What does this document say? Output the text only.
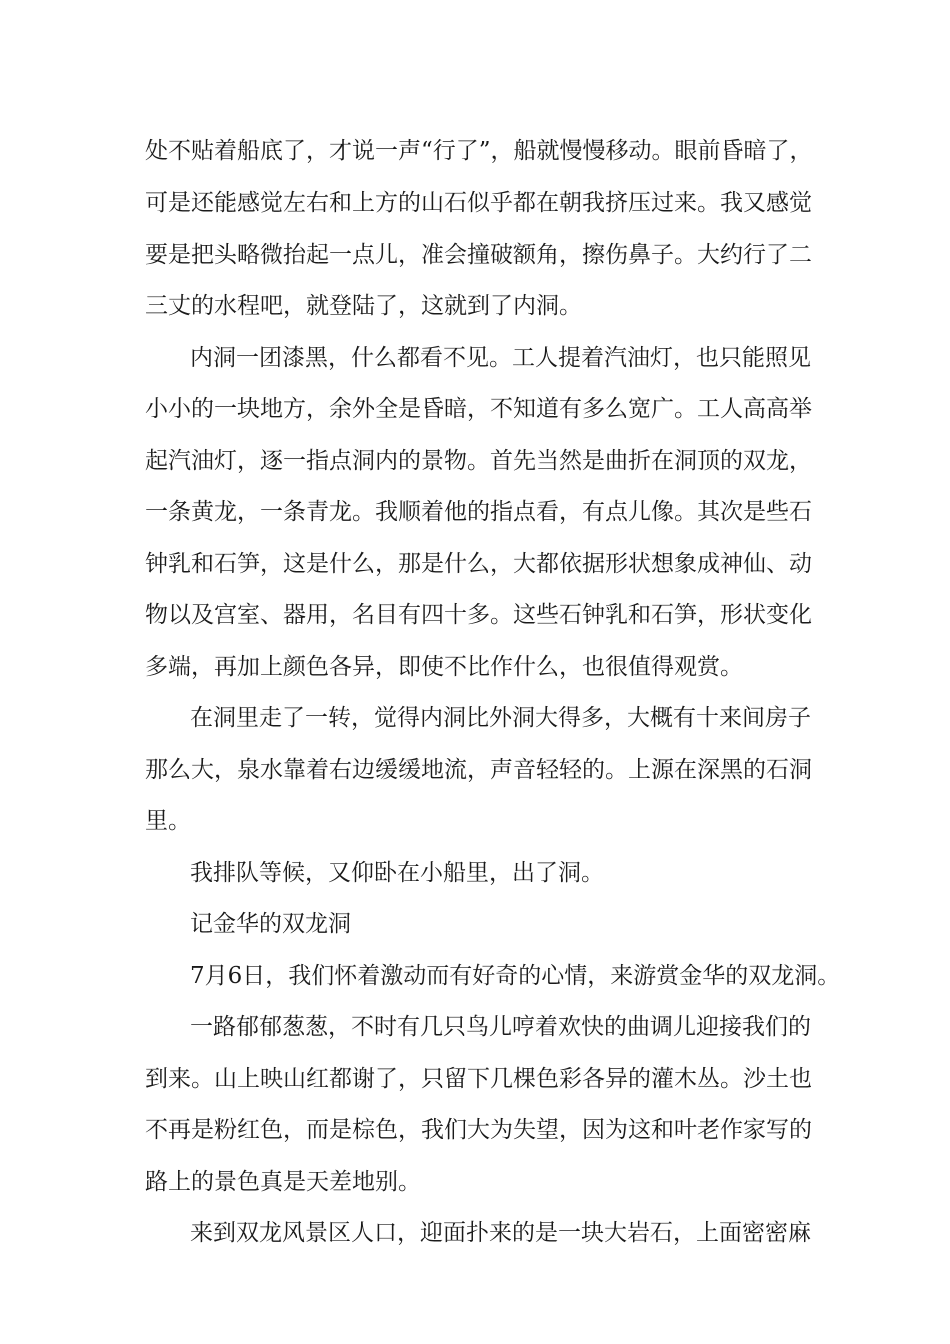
处不贴着船底了，才说一声“行了”，船就慢慢移动。眼前昏暗了，
可是还能感觉左右和上方的山石似乎都在朝我挤压过来。我又感觉
要是把头略微抬起一点儿，准会撞破额角，擦伤鼻子。大约行了二
三丈的水程吧，就登陆了，这就到了内洞。
内洞一团漆黑，什么都看不见。工人提着汽油灯，也只能照见
小小的一块地方，余外全是昏暗，不知道有多么宽广。工人高高举
起汽油灯，逐一指点洞内的景物。首先当然是曲折在洞顶的双龙，
一条黄龙，一条青龙。我顺着他的指点看，有点儿像。其次是些石
钟乳和石笋，这是什么，那是什么，大都依据形状想象成神仙、动
物以及宫室、器用，名目有四十多。这些石钟乳和石笋，形状变化
多端，再加上颜色各异，即使不比作什么，也很值得观赏。
在洞里走了一转，觉得内洞比外洞大得多，大概有十来间房子
那么大，泉水靠着右边缓缓地流，声音轻轻的。上源在深黑的石洞
里。
我排队等候，又仰卧在小船里，出了洞。
记金华的双龙洞
7月6日，我们怀着激动而有好奇的心情，来游赏金华的双龙洞。
一路郁郁葱葱，不时有几只鸟儿哼着欢快的曲调儿迎接我们的
到来。山上映山红都谢了，只留下几棵色彩各异的灌木丛。沙土也
不再是粉红色，而是棕色，我们大为失望，因为这和叶老作家写的
路上的景色真是天差地别。
来到双龙风景区人口，迎面扑来的是一块大岩石，上面密密麻
